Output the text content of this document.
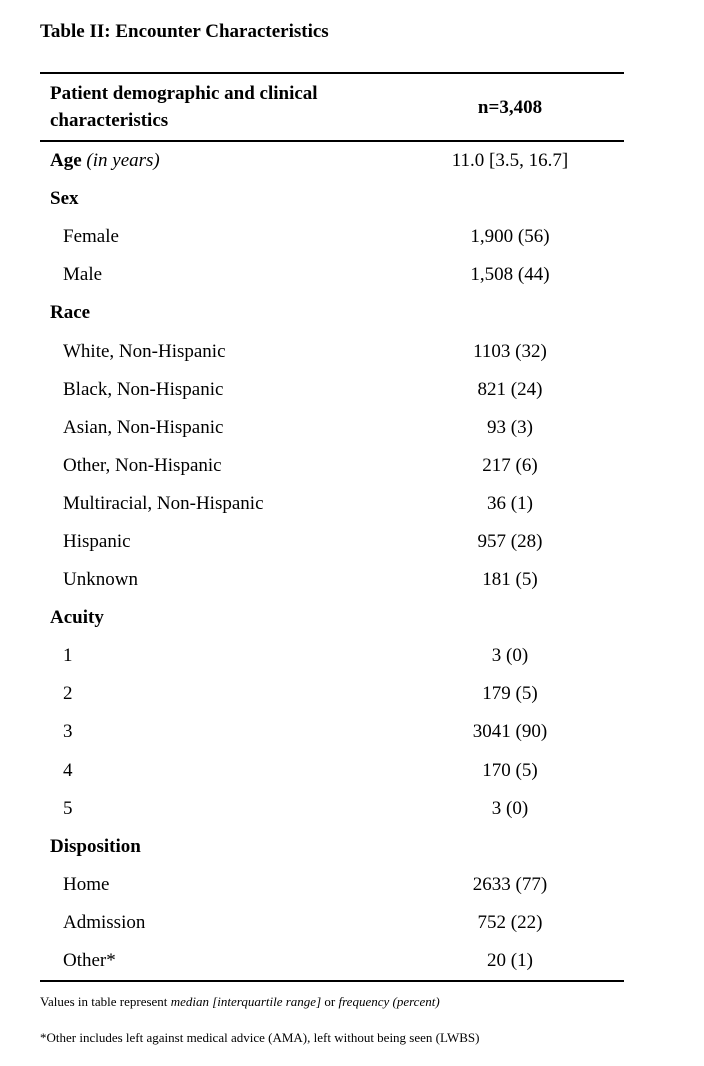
Table II: Encounter Characteristics
Patient demographic and clinical characteristics	n=3,408
Age (in years)	11.0 [3.5, 16.7]
Sex	
Female	1,900 (56)
Male	1,508 (44)
Race	
White, Non-Hispanic	1103 (32)
Black, Non-Hispanic	821 (24)
Asian, Non-Hispanic	93 (3)
Other, Non-Hispanic	217 (6)
Multiracial, Non-Hispanic	36 (1)
Hispanic	957 (28)
Unknown	181 (5)
Acuity	
1	3 (0)
2	179 (5)
3	3041 (90)
4	170 (5)
5	3 (0)
Disposition	
Home	2633 (77)
Admission	752 (22)
Other*	20 (1)
Values in table represent median [interquartile range] or frequency (percent)
*Other includes left against medical advice (AMA), left without being seen (LWBS)
